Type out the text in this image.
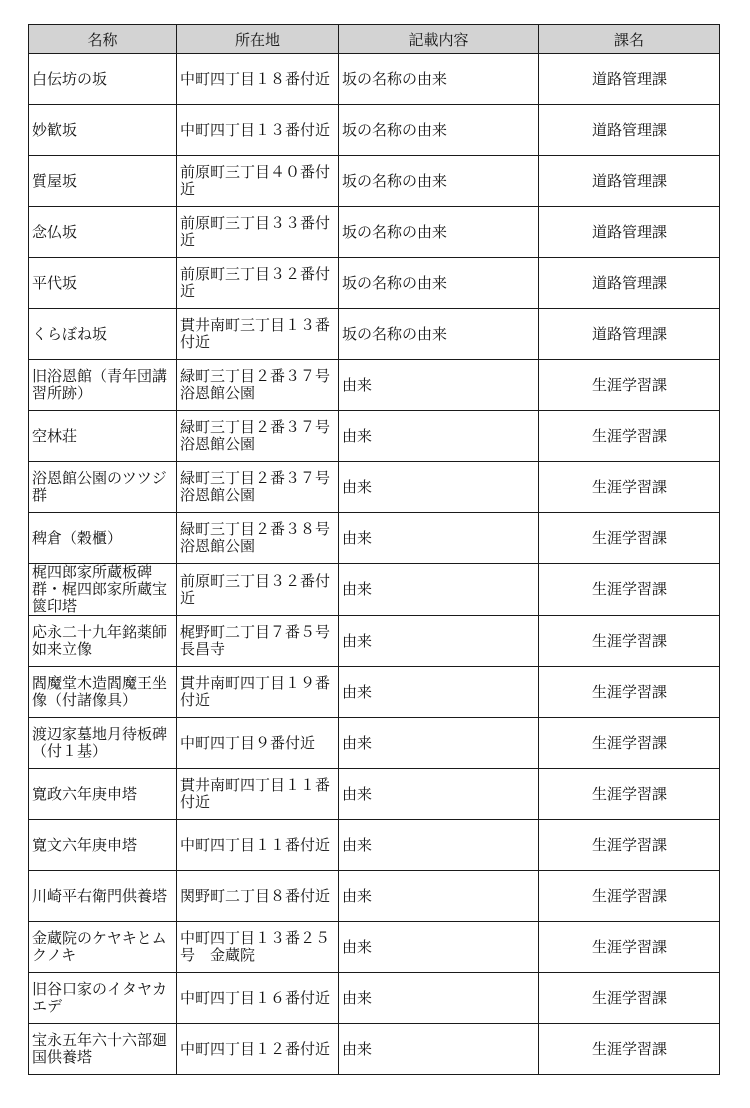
名称	所在地	記載内容	課名
白伝坊の坂	中町四丁目１８番付近	坂の名称の由来	道路管理課
妙歓坂	中町四丁目１３番付近	坂の名称の由来	道路管理課
質屋坂	前原町三丁目４０番付近	坂の名称の由来	道路管理課
念仏坂	前原町三丁目３３番付近	坂の名称の由来	道路管理課
平代坂	前原町三丁目３２番付近	坂の名称の由来	道路管理課
くらぼね坂	貫井南町三丁目１３番付近	坂の名称の由来	道路管理課
旧浴恩館（青年団講習所跡）	緑町三丁目２番３７号　浴恩館公園	由来	生涯学習課
空林荘	緑町三丁目２番３７号　浴恩館公園	由来	生涯学習課
浴恩館公園のツツジ群	緑町三丁目２番３７号　浴恩館公園	由来	生涯学習課
稗倉（穀櫃）	緑町三丁目２番３８号　浴恩館公園	由来	生涯学習課
梶四郎家所蔵板碑群・梶四郎家所蔵宝篋印塔	前原町三丁目３２番付近	由来	生涯学習課
応永二十九年銘薬師如来立像	梶野町二丁目７番５号　長昌寺	由来	生涯学習課
閻魔堂木造閻魔王坐像（付諸像具）	貫井南町四丁目１９番付近	由来	生涯学習課
渡辺家墓地月待板碑（付１基）	中町四丁目９番付近	由来	生涯学習課
寛政六年庚申塔	貫井南町四丁目１１番付近	由来	生涯学習課
寛文六年庚申塔	中町四丁目１１番付近	由来	生涯学習課
川崎平右衛門供養塔	関野町二丁目８番付近	由来	生涯学習課
金蔵院のケヤキとムクノキ	中町四丁目１３番２５号　金蔵院	由来	生涯学習課
旧谷口家のイタヤカエデ	中町四丁目１６番付近	由来	生涯学習課
宝永五年六十六部廻国供養塔	中町四丁目１２番付近	由来	生涯学習課
